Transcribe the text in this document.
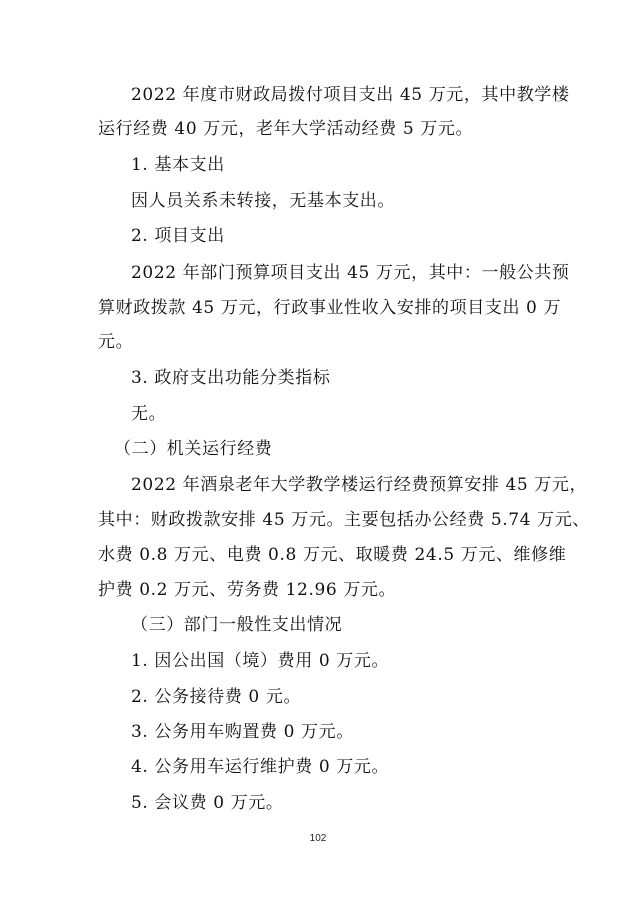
2022 年度市财政局拨付项目支出 45 万元，其中教学楼
运行经费 40 万元，老年大学活动经费 5 万元。
1. 基本支出
因人员关系未转接，无基本支出。
2. 项目支出
2022 年部门预算项目支出 45 万元，其中：一般公共预
算财政拨款 45 万元，行政事业性收入安排的项目支出 0 万
元。
3. 政府支出功能分类指标
无。
（二）机关运行经费
2022 年酒泉老年大学教学楼运行经费预算安排 45 万元，
其中：财政拨款安排 45 万元。主要包括办公经费 5.74 万元、
水费 0.8 万元、电费 0.8 万元、取暖费 24.5 万元、维修维
护费 0.2 万元、劳务费 12.96 万元。
（三）部门一般性支出情况
1. 因公出国（境）费用 0 万元。
2. 公务接待费 0 元。
3. 公务用车购置费 0 万元。
4. 公务用车运行维护费 0 万元。
5. 会议费 0 万元。
102
